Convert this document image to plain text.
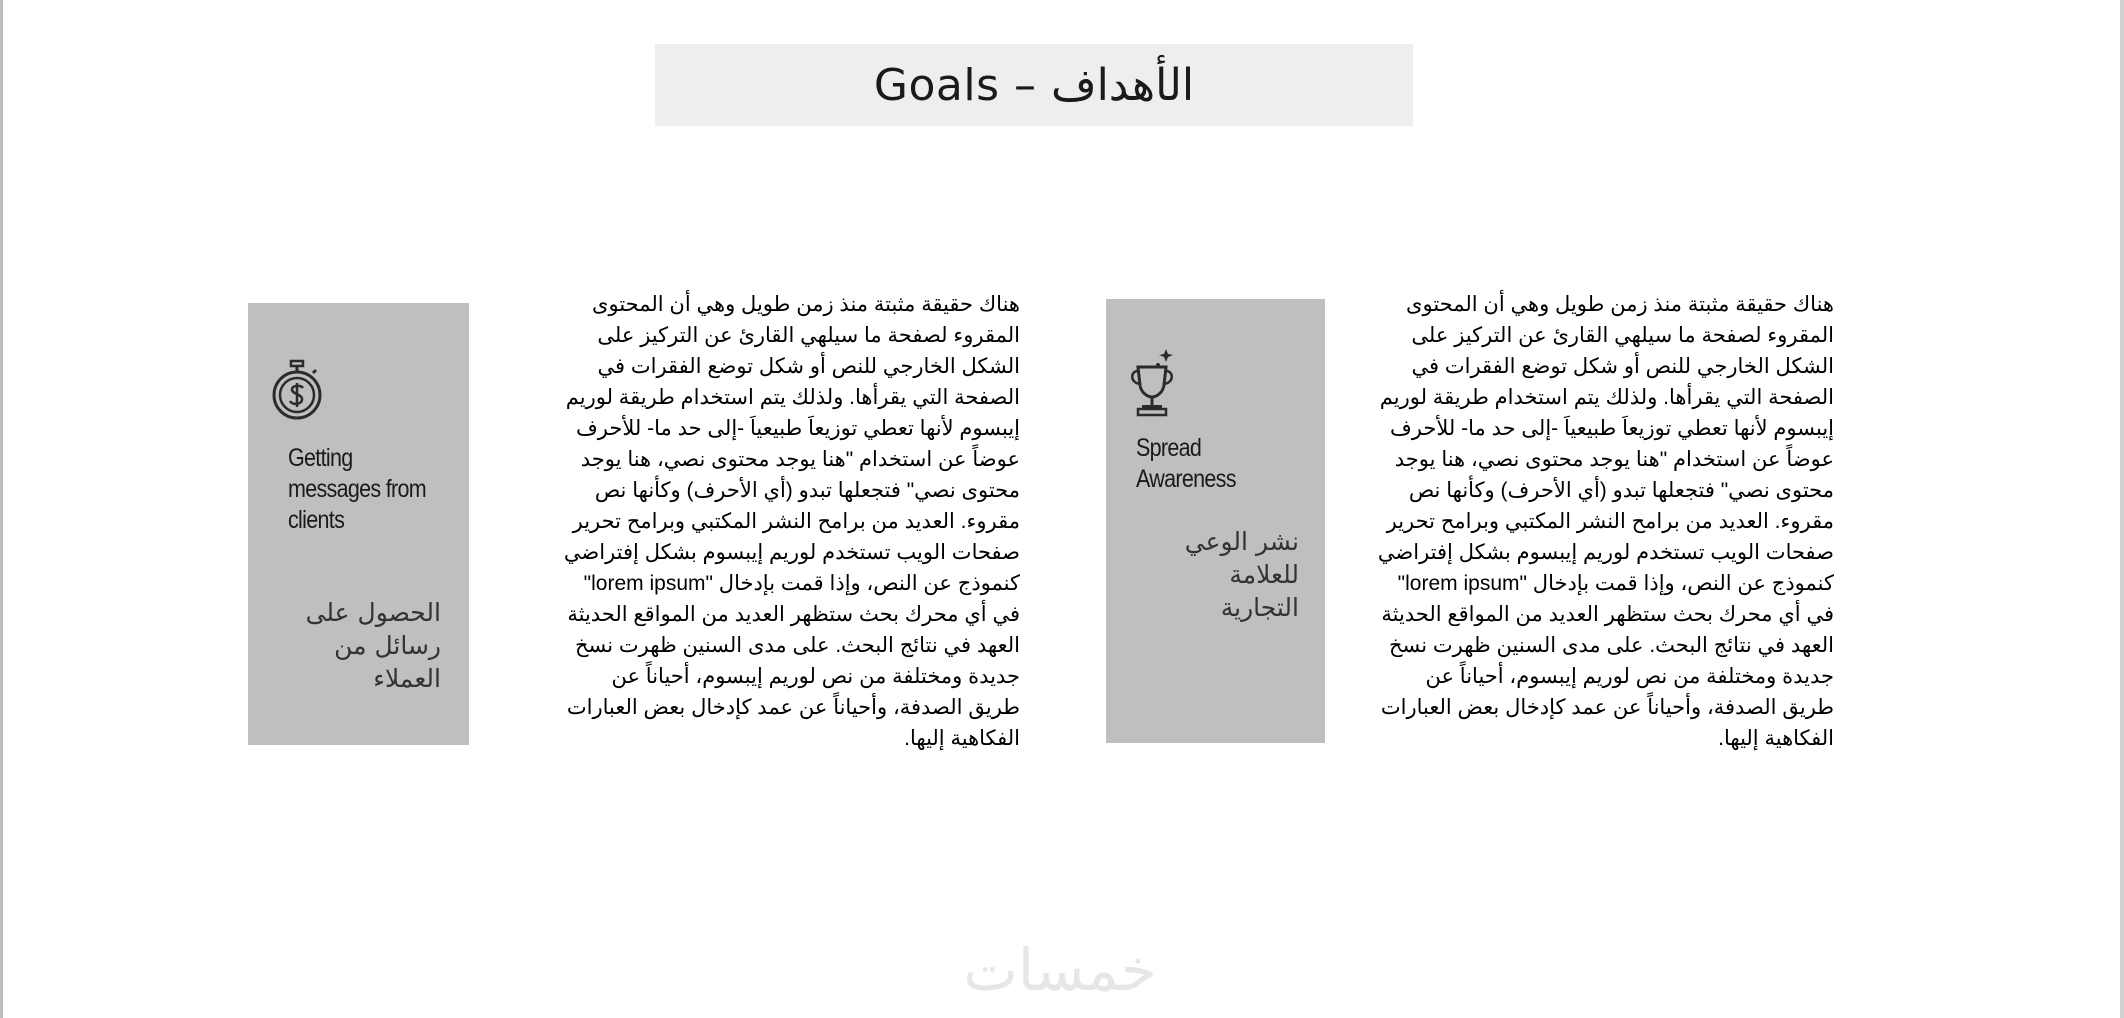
Goals – الأهداف
Getting
messages from
clients
الحصول على رسائل من العملاء

هناك حقيقة مثبتة منذ زمن طويل وهي أن المحتوى المقروء لصفحة ما سيلهي القارئ عن التركيز على الشكل الخارجي للنص أو شكل توضع الفقرات في الصفحة التي يقرأها. ولذلك يتم استخدام طريقة لوريم إيبسوم لأنها تعطي توزيعاَ طبيعياَ -إلى حد ما- للأحرف عوضاً عن استخدام "هنا يوجد محتوى نصي، هنا يوجد محتوى نصي" فتجعلها تبدو (أي الأحرف) وكأنها نص مقروء. العديد من برامح النشر المكتبي وبرامح تحرير صفحات الويب تستخدم لوريم إيبسوم بشكل إفتراضي كنموذج عن النص، وإذا قمت بإدخال "lorem ipsum" في أي محرك بحث ستظهر العديد من المواقع الحديثة العهد في نتائج البحث. على مدى السنين ظهرت نسخ جديدة ومختلفة من نص لوريم إيبسوم، أحياناً عن طريق الصدفة، وأحياناً عن عمد كإدخال بعض العبارات الفكاهية إليها.

Spread
Awareness
نشر الوعي للعلامة التجارية

هناك حقيقة مثبتة منذ زمن طويل وهي أن المحتوى المقروء لصفحة ما سيلهي القارئ عن التركيز على الشكل الخارجي للنص أو شكل توضع الفقرات في الصفحة التي يقرأها. ولذلك يتم استخدام طريقة لوريم إيبسوم لأنها تعطي توزيعاَ طبيعياَ -إلى حد ما- للأحرف عوضاً عن استخدام "هنا يوجد محتوى نصي، هنا يوجد محتوى نصي" فتجعلها تبدو (أي الأحرف) وكأنها نص مقروء. العديد من برامح النشر المكتبي وبرامح تحرير صفحات الويب تستخدم لوريم إيبسوم بشكل إفتراضي كنموذج عن النص، وإذا قمت بإدخال "lorem ipsum" في أي محرك بحث ستظهر العديد من المواقع الحديثة العهد في نتائج البحث. على مدى السنين ظهرت نسخ جديدة ومختلفة من نص لوريم إيبسوم، أحياناً عن طريق الصدفة، وأحياناً عن عمد كإدخال بعض العبارات الفكاهية إليها.

خمسات
